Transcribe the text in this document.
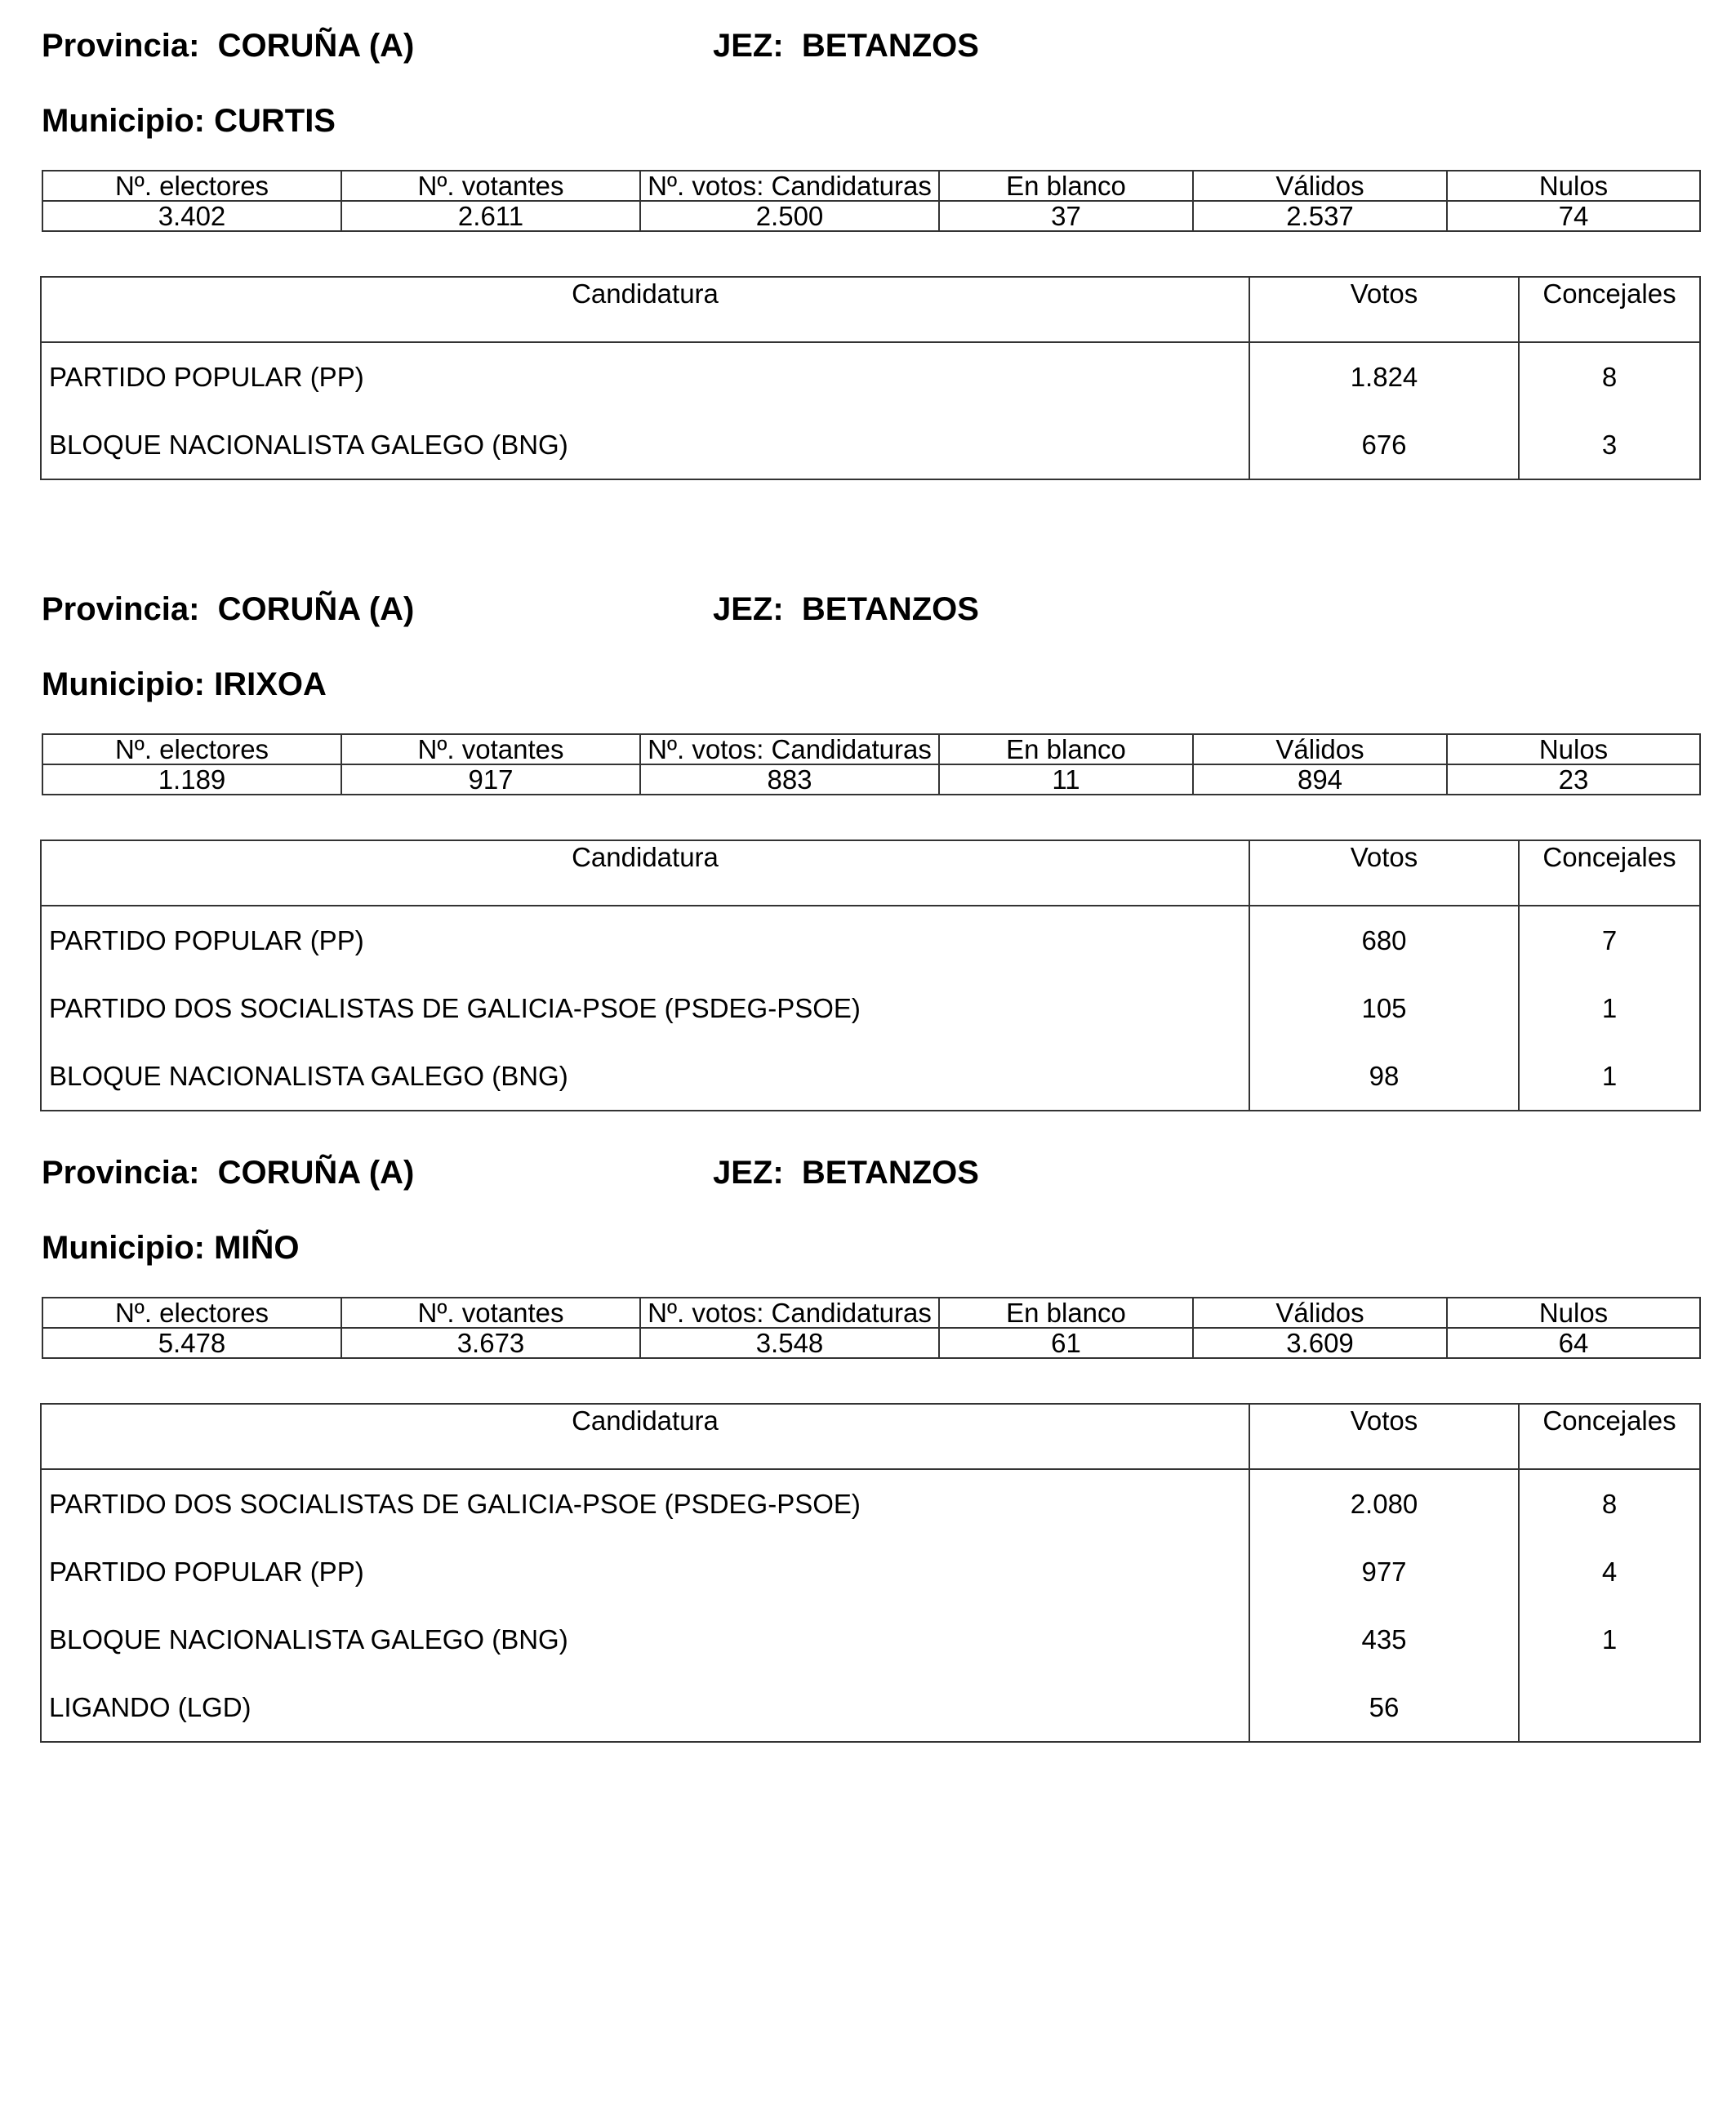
Provincia: CORUÑA (A)	JEZ: BETANZOS
Municipio: CURTIS
Nº. electores	Nº. votantes	Nº. votos: Candidaturas	En blanco	Válidos	Nulos
3.402	2.611	2.500	37	2.537	74
Candidatura	Votos	Concejales
PARTIDO POPULAR (PP)	1.824	8
BLOQUE NACIONALISTA GALEGO (BNG)	676	3
Provincia: CORUÑA (A)	JEZ: BETANZOS
Municipio: IRIXOA
Nº. electores	Nº. votantes	Nº. votos: Candidaturas	En blanco	Válidos	Nulos
1.189	917	883	11	894	23
Candidatura	Votos	Concejales
PARTIDO POPULAR (PP)	680	7
PARTIDO DOS SOCIALISTAS DE GALICIA-PSOE (PSDEG-PSOE)	105	1
BLOQUE NACIONALISTA GALEGO (BNG)	98	1
Provincia: CORUÑA (A)	JEZ: BETANZOS
Municipio: MIÑO
Nº. electores	Nº. votantes	Nº. votos: Candidaturas	En blanco	Válidos	Nulos
5.478	3.673	3.548	61	3.609	64
Candidatura	Votos	Concejales
PARTIDO DOS SOCIALISTAS DE GALICIA-PSOE (PSDEG-PSOE)	2.080	8
PARTIDO POPULAR (PP)	977	4
BLOQUE NACIONALISTA GALEGO (BNG)	435	1
LIGANDO (LGD)	56	
